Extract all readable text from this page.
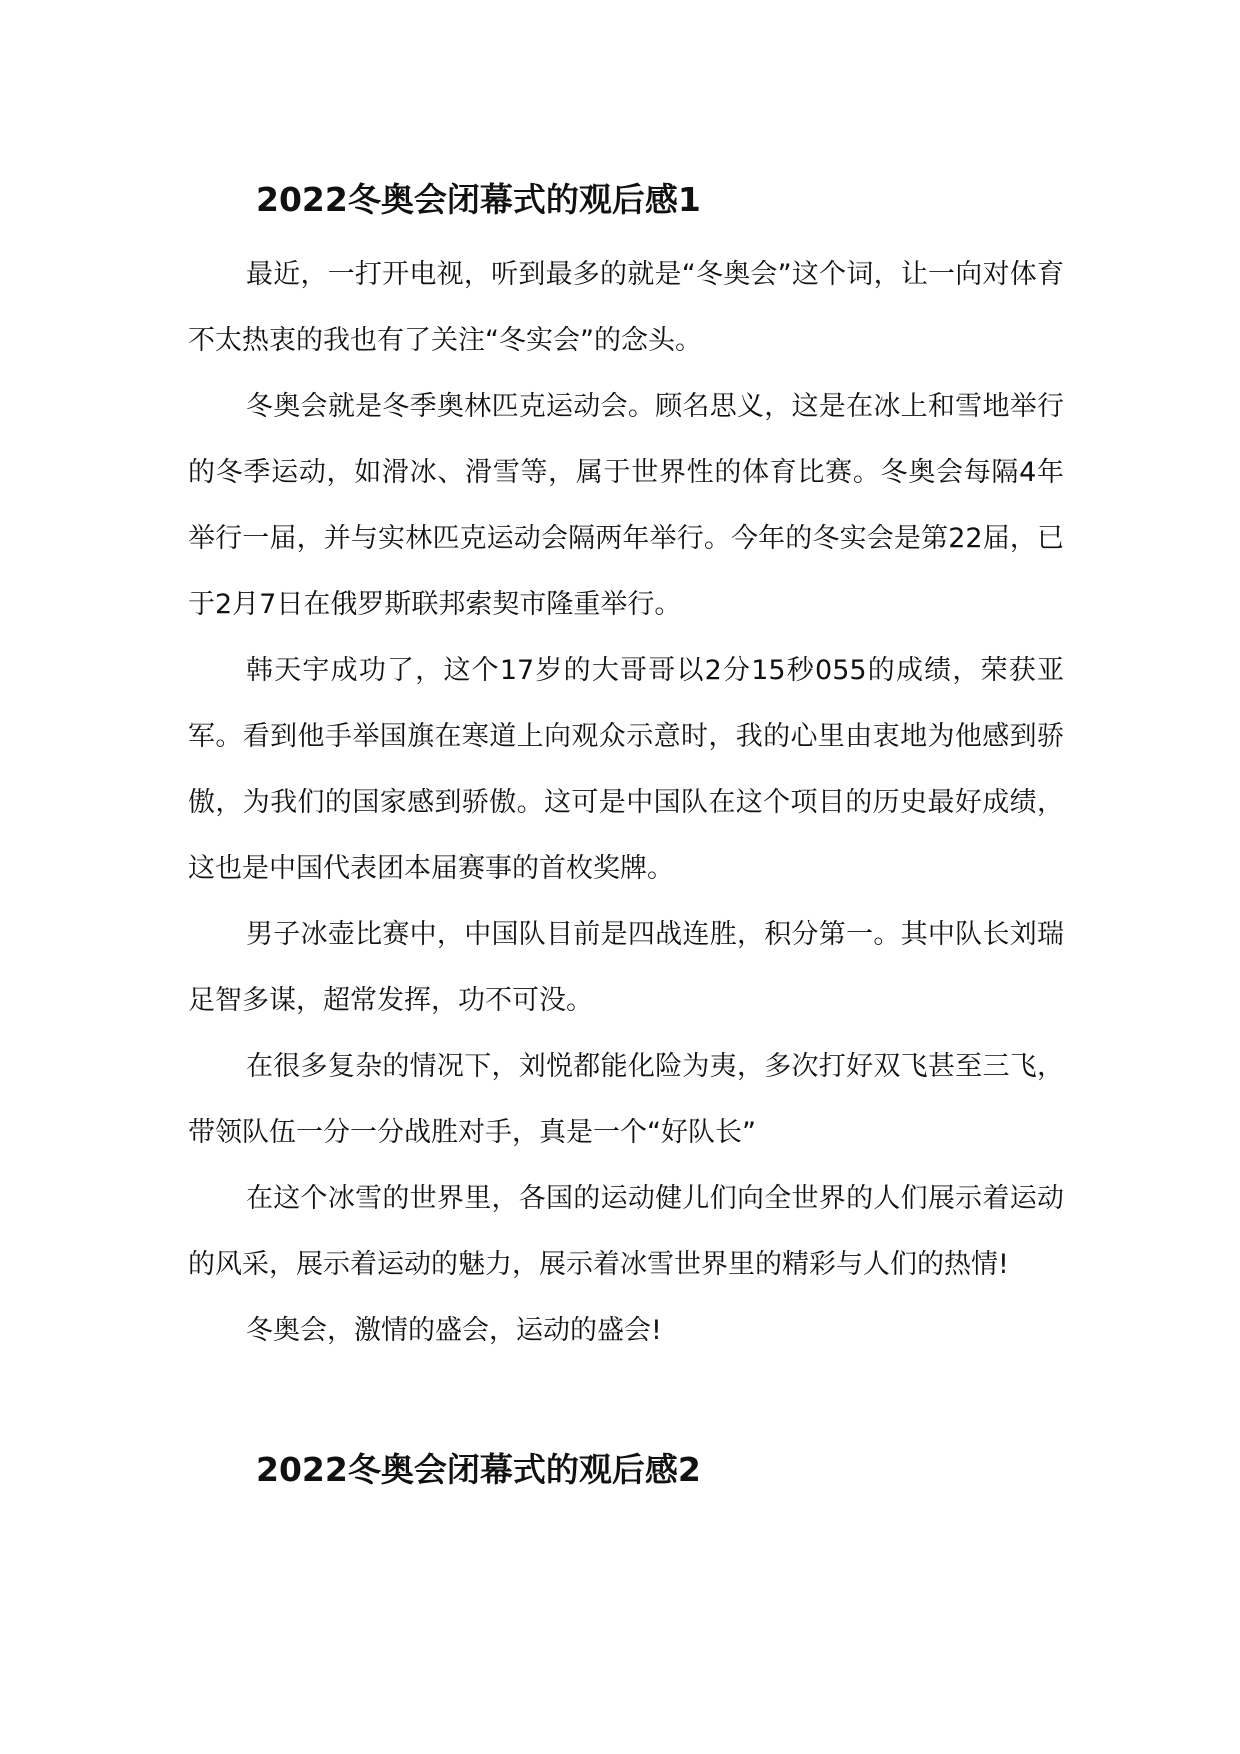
2022冬奥会闭幕式的观后感1

最近，一打开电视，听到最多的就是“冬奥会”这个词，让一向对体育不太热衷的我也有了关注“冬实会”的念头。

冬奥会就是冬季奥林匹克运动会。顾名思义，这是在冰上和雪地举行的冬季运动，如滑冰、滑雪等，属于世界性的体育比赛。冬奥会每隔4年举行一届，并与实林匹克运动会隔两年举行。今年的冬实会是第22届，已于2月7日在俄罗斯联邦索契市隆重举行。

韩天宇成功了，这个17岁的大哥哥以2分15秒055的成绩，荣获亚军。看到他手举国旗在寒道上向观众示意时，我的心里由衷地为他感到骄傲，为我们的国家感到骄傲。这可是中国队在这个项目的历史最好成绩，这也是中国代表团本届赛事的首枚奖牌。

男子冰壶比赛中，中国队目前是四战连胜，积分第一。其中队长刘瑞足智多谋，超常发挥，功不可没。

在很多复杂的情况下，刘悦都能化险为夷，多次打好双飞甚至三飞，带领队伍一分一分战胜对手，真是一个“好队长”

在这个冰雪的世界里，各国的运动健儿们向全世界的人们展示着运动的风采，展示着运动的魅力，展示着冰雪世界里的精彩与人们的热情!

冬奥会，激情的盛会，运动的盛会!

2022冬奥会闭幕式的观后感2
